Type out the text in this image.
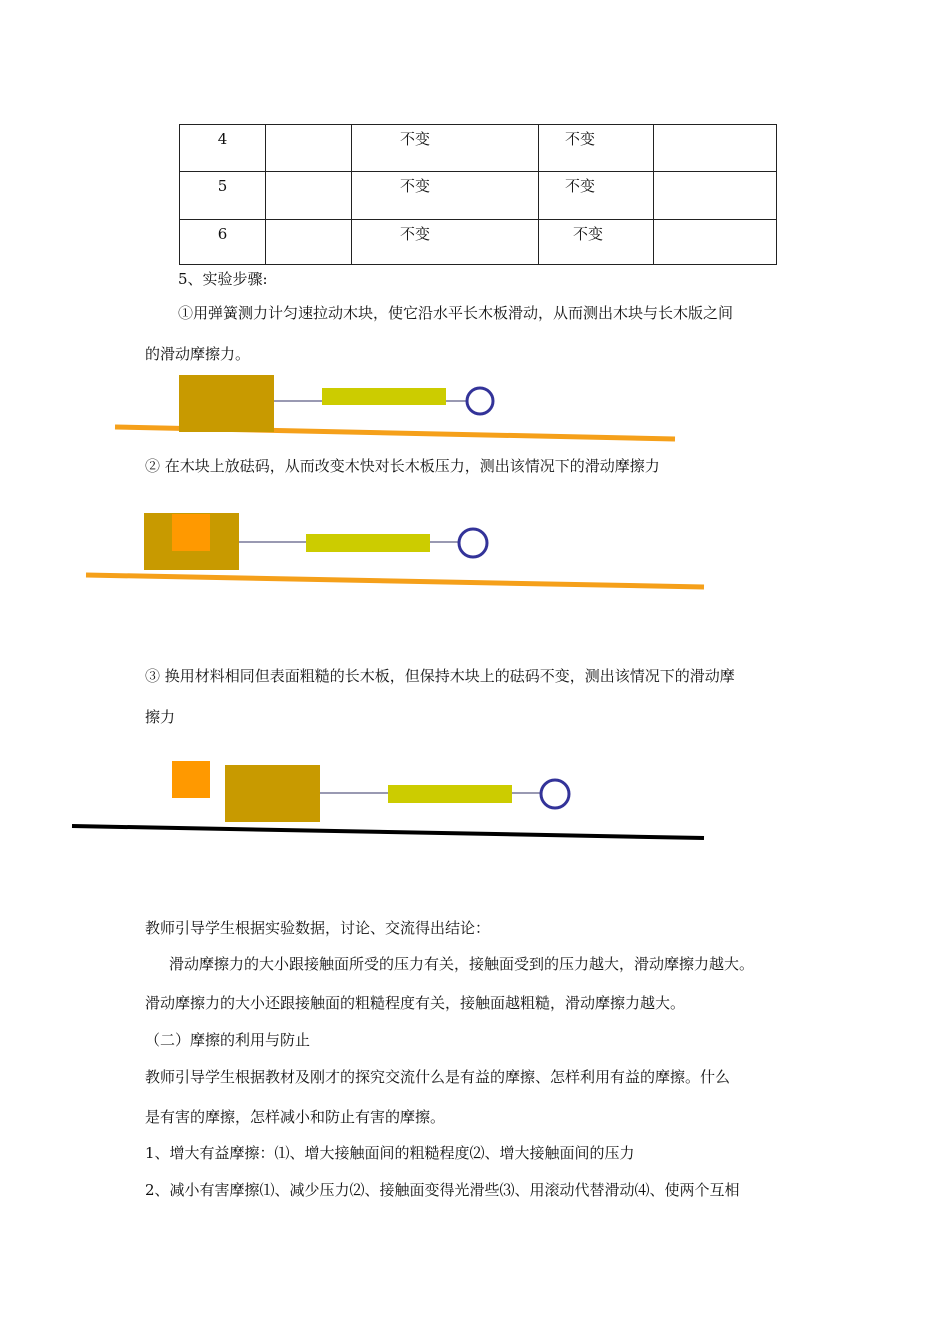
4		不变	不变	

5		不变	不变	

6		不变	不变	

5、实验步骤:
①用弹簧测力计匀速拉动木块，使它沿水平长木板滑动，从而测出木块与长木版之间
的滑动摩擦力。
② 在木块上放砝码，从而改变木快对长木板压力，测出该情况下的滑动摩擦力
③ 换用材料相同但表面粗糙的长木板，但保持木块上的砝码不变，测出该情况下的滑动摩
擦力
教师引导学生根据实验数据，讨论、交流得出结论：
滑动摩擦力的大小跟接触面所受的压力有关，接触面受到的压力越大，滑动摩擦力越大。
滑动摩擦力的大小还跟接触面的粗糙程度有关，接触面越粗糙，滑动摩擦力越大。
（二）摩擦的利用与防止
教师引导学生根据教材及刚才的探究交流什么是有益的摩擦、怎样利用有益的摩擦。什么
是有害的摩擦，怎样减小和防止有害的摩擦。
1、增大有益摩擦：⑴、增大接触面间的粗糙程度⑵、增大接触面间的压力
2、减小有害摩擦⑴、减少压力⑵、接触面变得光滑些⑶、用滚动代替滑动⑷、使两个互相
